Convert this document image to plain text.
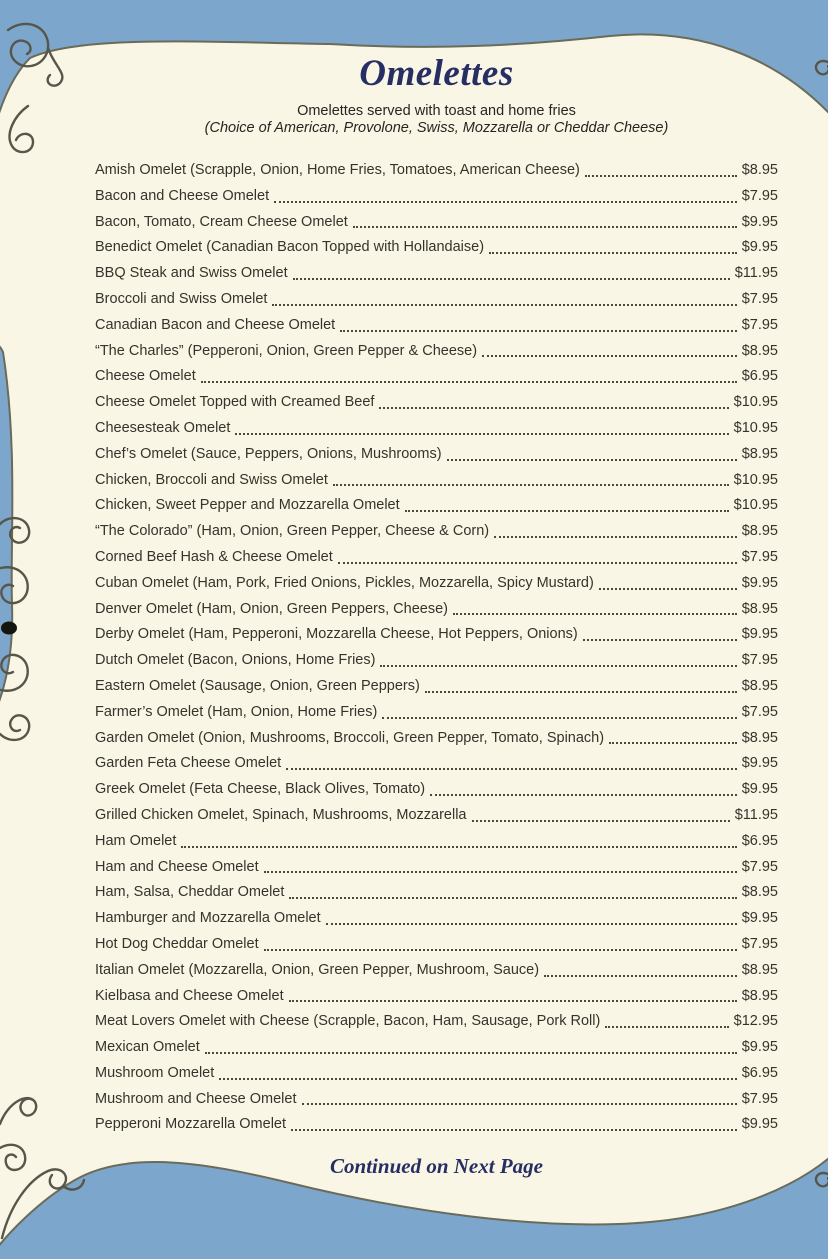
Omelettes

Omelettes served with toast and home fries

(Choice of American, Provolone, Swiss, Mozzarella or Cheddar Cheese)

Amish Omelet (Scrapple, Onion, Home Fries, Tomatoes, American Cheese)	$8.95
Bacon and Cheese Omelet	$7.95
Bacon, Tomato, Cream Cheese Omelet	$9.95
Benedict Omelet (Canadian Bacon Topped with Hollandaise)	$9.95
BBQ Steak and Swiss Omelet	$11.95
Broccoli and Swiss Omelet	$7.95
Canadian Bacon and Cheese Omelet	$7.95
“The Charles” (Pepperoni, Onion, Green Pepper & Cheese)	$8.95
Cheese Omelet	$6.95
Cheese Omelet Topped with Creamed Beef	$10.95
Cheesesteak Omelet	$10.95
Chef’s Omelet (Sauce, Peppers, Onions, Mushrooms)	$8.95
Chicken, Broccoli and Swiss Omelet	$10.95
Chicken, Sweet Pepper and Mozzarella Omelet	$10.95
“The Colorado” (Ham, Onion, Green Pepper, Cheese & Corn)	$8.95
Corned Beef Hash & Cheese Omelet	$7.95
Cuban Omelet (Ham, Pork, Fried Onions, Pickles, Mozzarella, Spicy Mustard)	$9.95
Denver Omelet (Ham, Onion, Green Peppers, Cheese)	$8.95
Derby Omelet (Ham, Pepperoni, Mozzarella Cheese, Hot Peppers, Onions)	$9.95
Dutch Omelet (Bacon, Onions, Home Fries)	$7.95
Eastern Omelet (Sausage, Onion, Green Peppers)	$8.95
Farmer’s Omelet (Ham, Onion, Home Fries)	$7.95
Garden Omelet (Onion, Mushrooms, Broccoli, Green Pepper, Tomato, Spinach)	$8.95
Garden Feta Cheese Omelet	$9.95
Greek Omelet (Feta Cheese, Black Olives, Tomato)	$9.95
Grilled Chicken Omelet, Spinach, Mushrooms, Mozzarella	$11.95
Ham Omelet	$6.95
Ham and Cheese Omelet	$7.95
Ham, Salsa, Cheddar Omelet	$8.95
Hamburger and Mozzarella Omelet	$9.95
Hot Dog Cheddar Omelet	$7.95
Italian Omelet (Mozzarella, Onion, Green Pepper, Mushroom, Sauce)	$8.95
Kielbasa and Cheese Omelet	$8.95
Meat Lovers Omelet with Cheese (Scrapple, Bacon, Ham, Sausage, Pork Roll)	$12.95
Mexican Omelet	$9.95
Mushroom Omelet	$6.95
Mushroom and Cheese Omelet	$7.95
Pepperoni Mozzarella Omelet	$9.95
Continued on Next Page
